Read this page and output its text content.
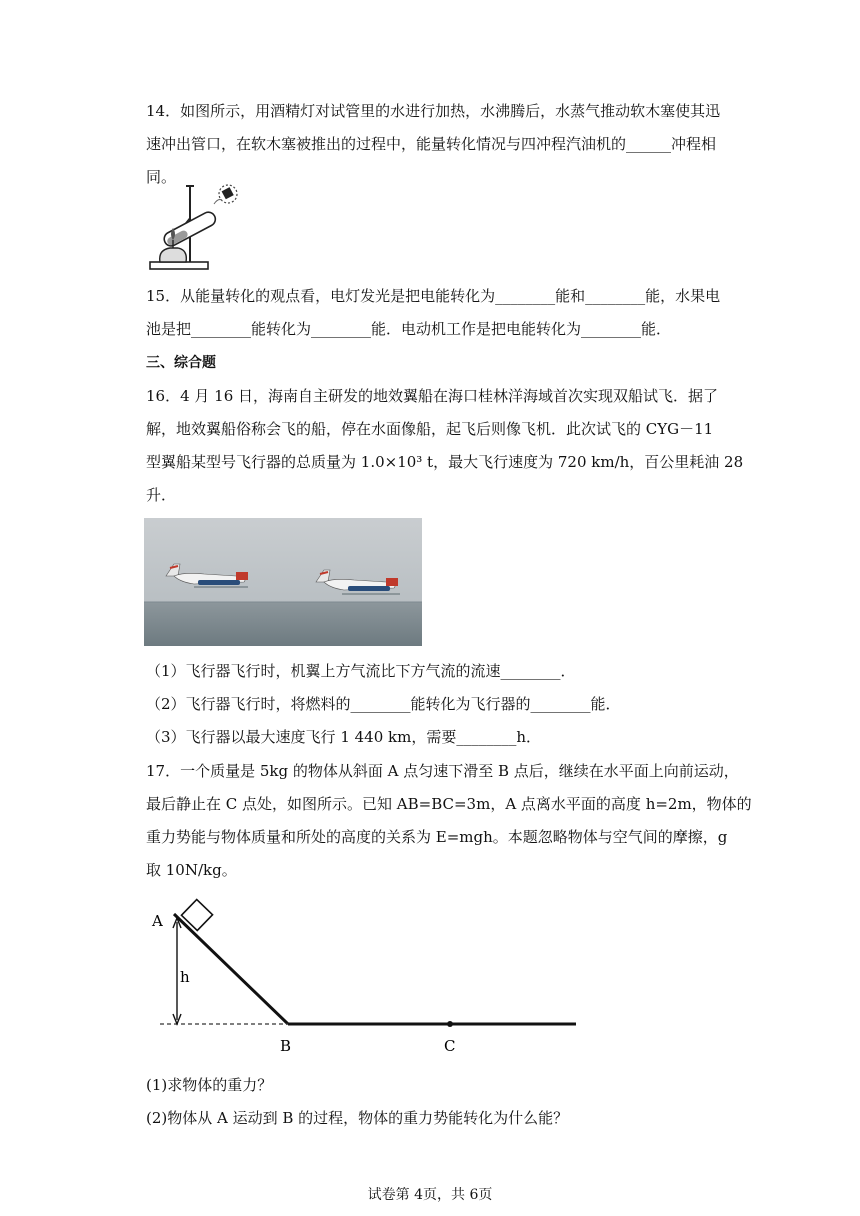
14．如图所示，用酒精灯对试管里的水进行加热，水沸腾后，水蒸气推动软木塞使其迅
速冲出管口，在软木塞被推出的过程中，能量转化情况与四冲程汽油机的______冲程相
同。
15．从能量转化的观点看，电灯发光是把电能转化为________能和________能，水果电
池是把________能转化为________能．电动机工作是把电能转化为________能．
三、综合题
16．4 月 16 日，海南自主研发的地效翼船在海口桂林洋海域首次实现双船试飞．据了
解，地效翼船俗称会飞的船，停在水面像船，起飞后则像飞机．此次试飞的 CYG－11
型翼船某型号飞行器的总质量为 1.0×10³ t，最大飞行速度为 720 km/h，百公里耗油 28
升．
（1）飞行器飞行时，机翼上方气流比下方气流的流速________．
（2）飞行器飞行时，将燃料的________能转化为飞行器的________能．
（3）飞行器以最大速度飞行 1 440 km，需要________h．
17．一个质量是 5kg 的物体从斜面 A 点匀速下滑至 B 点后，继续在水平面上向前运动，
最后静止在 C 点处，如图所示。已知 AB=BC=3m，A 点离水平面的高度 h=2m，物体的
重力势能与物体质量和所处的高度的关系为 E=mgh。本题忽略物体与空气间的摩擦，g
取 10N/kg。
A
h
B	C
(1)求物体的重力？
(2)物体从 A 运动到 B 的过程，物体的重力势能转化为什么能？
试卷第 4页，共 6页
